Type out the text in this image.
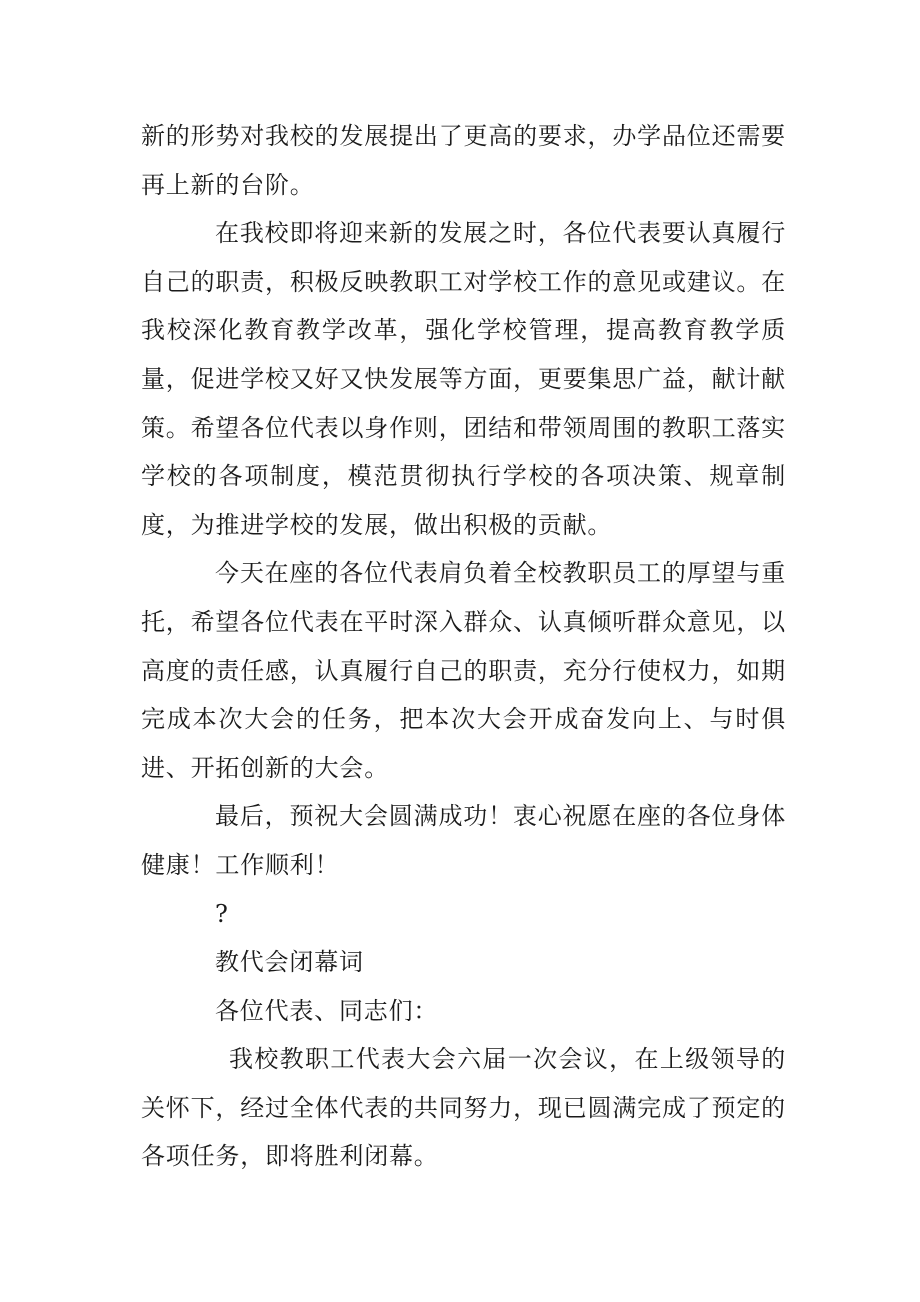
新的形势对我校的发展提出了更高的要求，办学品位还需要再上新的台阶。

在我校即将迎来新的发展之时，各位代表要认真履行自己的职责，积极反映教职工对学校工作的意见或建议。在我校深化教育教学改革，强化学校管理，提高教育教学质量，促进学校又好又快发展等方面，更要集思广益，献计献策。希望各位代表以身作则，团结和带领周围的教职工落实学校的各项制度，模范贯彻执行学校的各项决策、规章制度，为推进学校的发展，做出积极的贡献。

今天在座的各位代表肩负着全校教职员工的厚望与重托，希望各位代表在平时深入群众、认真倾听群众意见，以高度的责任感，认真履行自己的职责，充分行使权力，如期完成本次大会的任务，把本次大会开成奋发向上、与时俱进、开拓创新的大会。

最后，预祝大会圆满成功！衷心祝愿在座的各位身体健康！工作顺利！

?

教代会闭幕词

各位代表、同志们：

我校教职工代表大会六届一次会议，在上级领导的关怀下，经过全体代表的共同努力，现已圆满完成了预定的各项任务，即将胜利闭幕。
